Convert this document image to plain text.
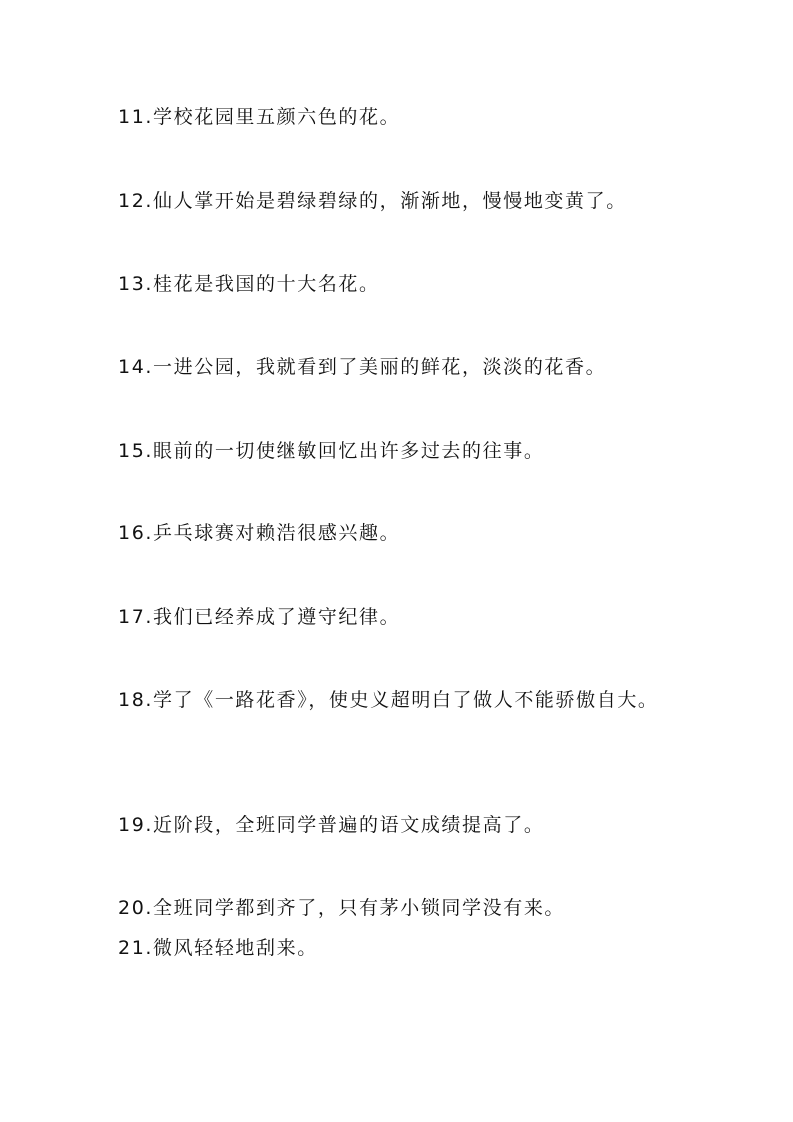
11.学校花园里五颜六色的花。
12.仙人掌开始是碧绿碧绿的，渐渐地，慢慢地变黄了。
13.桂花是我国的十大名花。
14.一进公园，我就看到了美丽的鲜花，淡淡的花香。
15.眼前的一切使继敏回忆出许多过去的往事。
16.乒乓球赛对赖浩很感兴趣。
17.我们已经养成了遵守纪律。
18.学了《一路花香》，使史义超明白了做人不能骄傲自大。
19.近阶段，全班同学普遍的语文成绩提高了。
20.全班同学都到齐了，只有茅小锁同学没有来。
21.微风轻轻地刮来。
